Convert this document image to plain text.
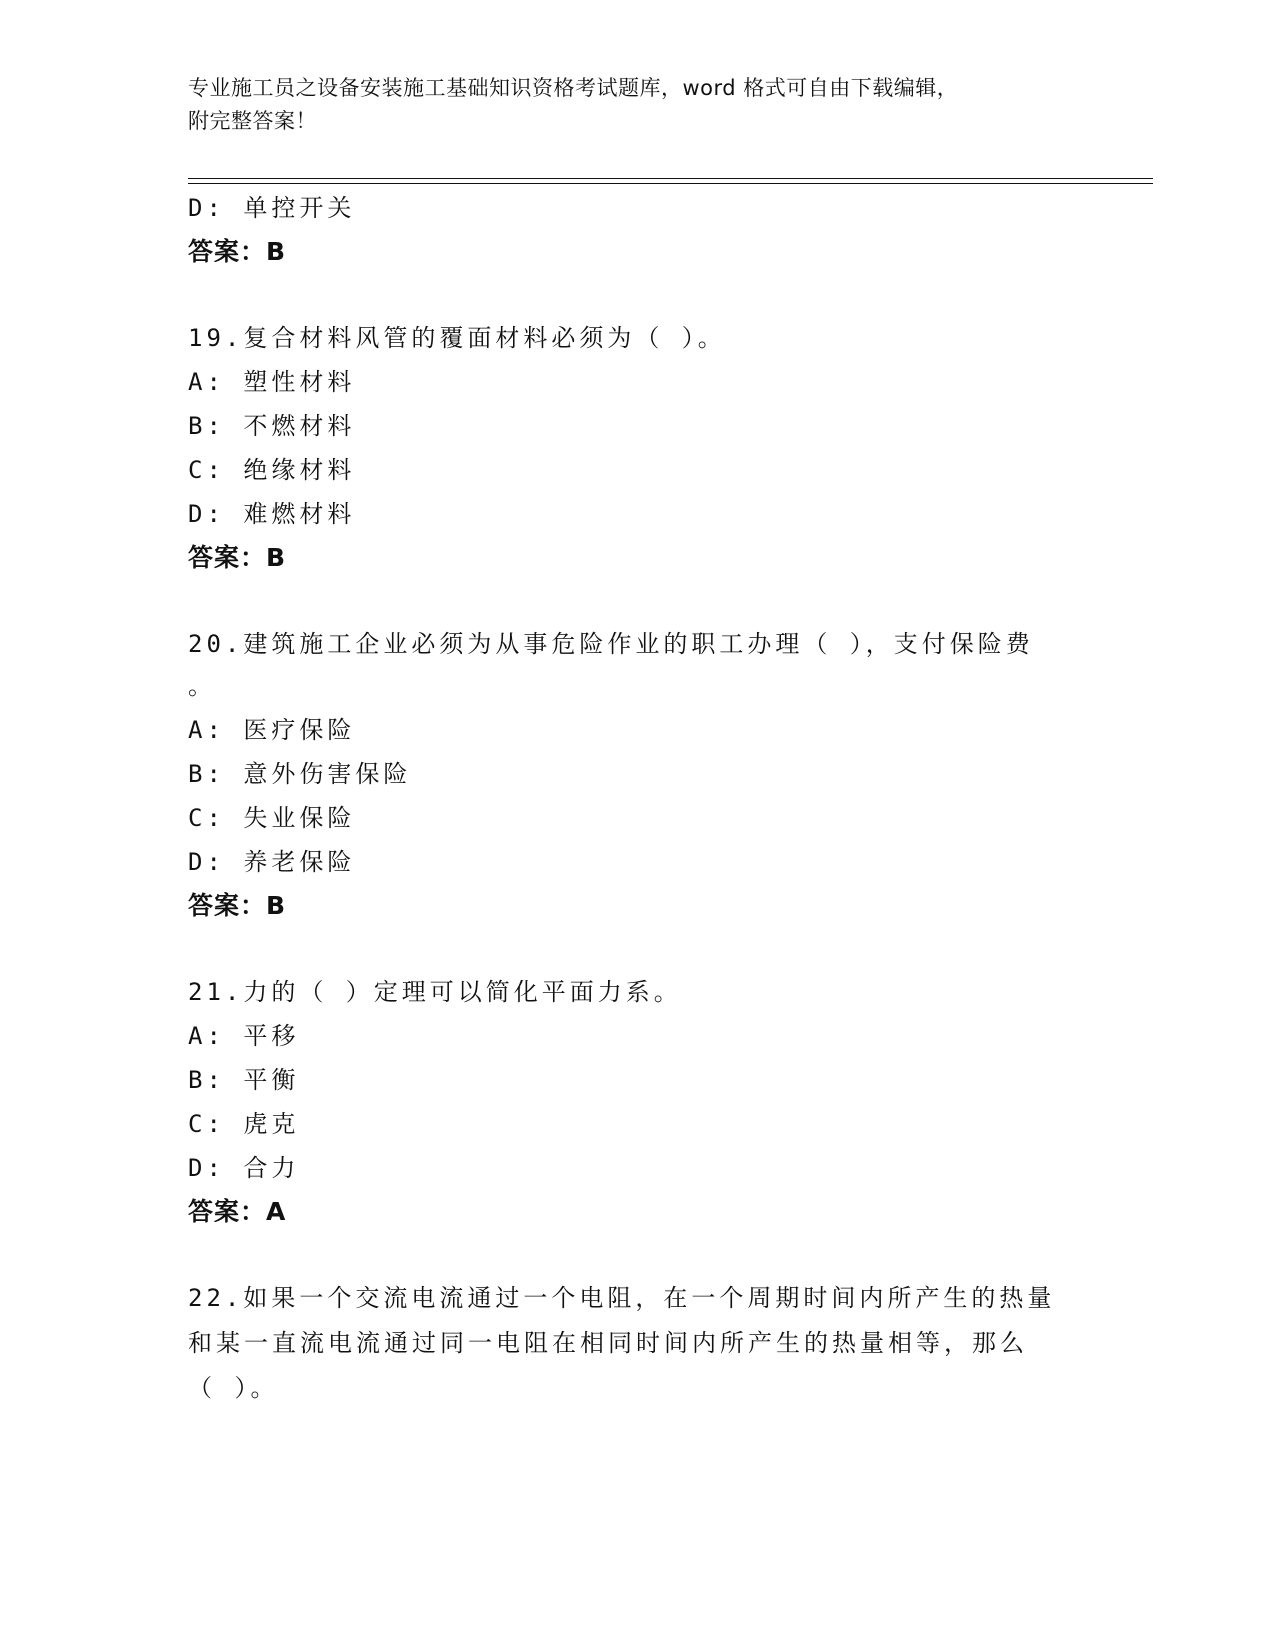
专业施工员之设备安装施工基础知识资格考试题库，word 格式可自由下载编辑，
附完整答案！
D: 单控开关
答案：B
19.复合材料风管的覆面材料必须为（ ）。
A: 塑性材料
B: 不燃材料
C: 绝缘材料
D: 难燃材料
答案：B
20.建筑施工企业必须为从事危险作业的职工办理（ ），支付保险费
。
A: 医疗保险
B: 意外伤害保险
C: 失业保险
D: 养老保险
答案：B
21.力的（ ）定理可以简化平面力系。
A: 平移
B: 平衡
C: 虎克
D: 合力
答案：A
22.如果一个交流电流通过一个电阻，在一个周期时间内所产生的热量
和某一直流电流通过同一电阻在相同时间内所产生的热量相等，那么
（ ）。
